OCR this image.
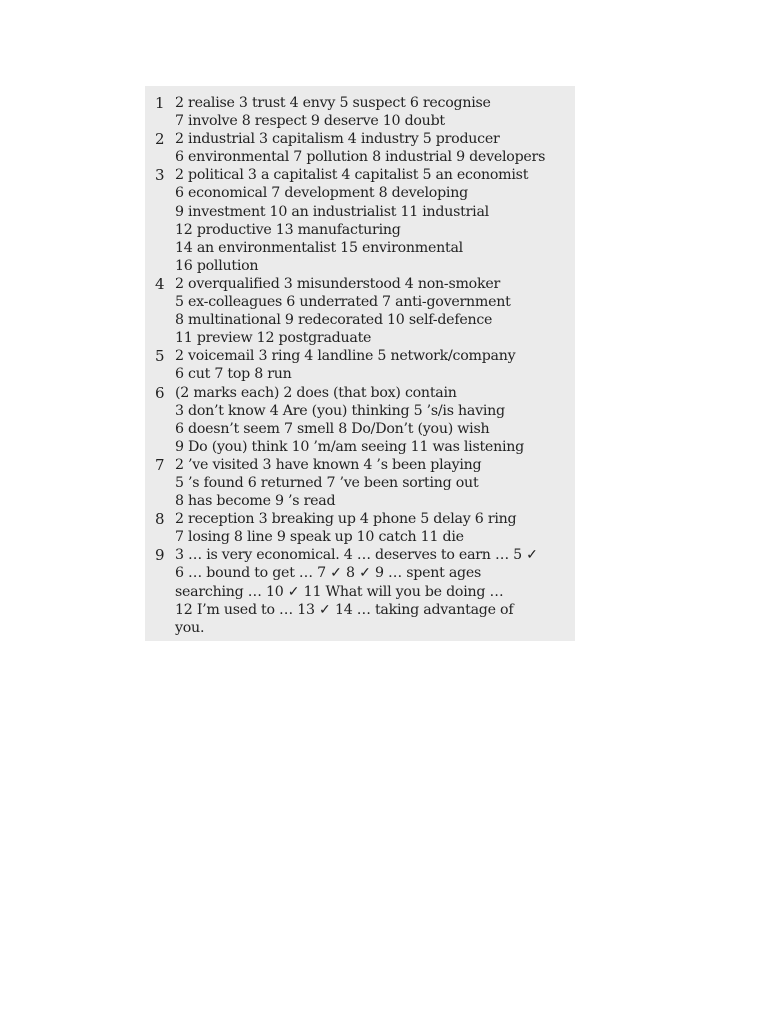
1 2 realise 3 trust 4 envy 5 suspect 6 recognise
7 involve 8 respect 9 deserve 10 doubt
2 2 industrial 3 capitalism 4 industry 5 producer
6 environmental 7 pollution 8 industrial 9 developers
3 2 political 3 a capitalist 4 capitalist 5 an economist
6 economical 7 development 8 developing
9 investment 10 an industrialist 11 industrial
12 productive 13 manufacturing
14 an environmentalist 15 environmental
16 pollution
4 2 overqualified 3 misunderstood 4 non-smoker
5 ex-colleagues 6 underrated 7 anti-government
8 multinational 9 redecorated 10 self-defence
11 preview 12 postgraduate
5 2 voicemail 3 ring 4 landline 5 network/company
6 cut 7 top 8 run
6 (2 marks each) 2 does (that box) contain
3 don’t know 4 Are (you) thinking 5 ’s/is having
6 doesn’t seem 7 smell 8 Do/Don’t (you) wish
9 Do (you) think 10 ’m/am seeing 11 was listening
7 2 ’ve visited 3 have known 4 ’s been playing
5 ’s found 6 returned 7 ’ve been sorting out
8 has become 9 ’s read
8 2 reception 3 breaking up 4 phone 5 delay 6 ring
7 losing 8 line 9 speak up 10 catch 11 die
9 3 … is very economical. 4 … deserves to earn … 5 ✓
6 … bound to get … 7 ✓ 8 ✓ 9 … spent ages
searching … 10 ✓ 11 What will you be doing …
12 I’m used to … 13 ✓ 14 … taking advantage of
you.
